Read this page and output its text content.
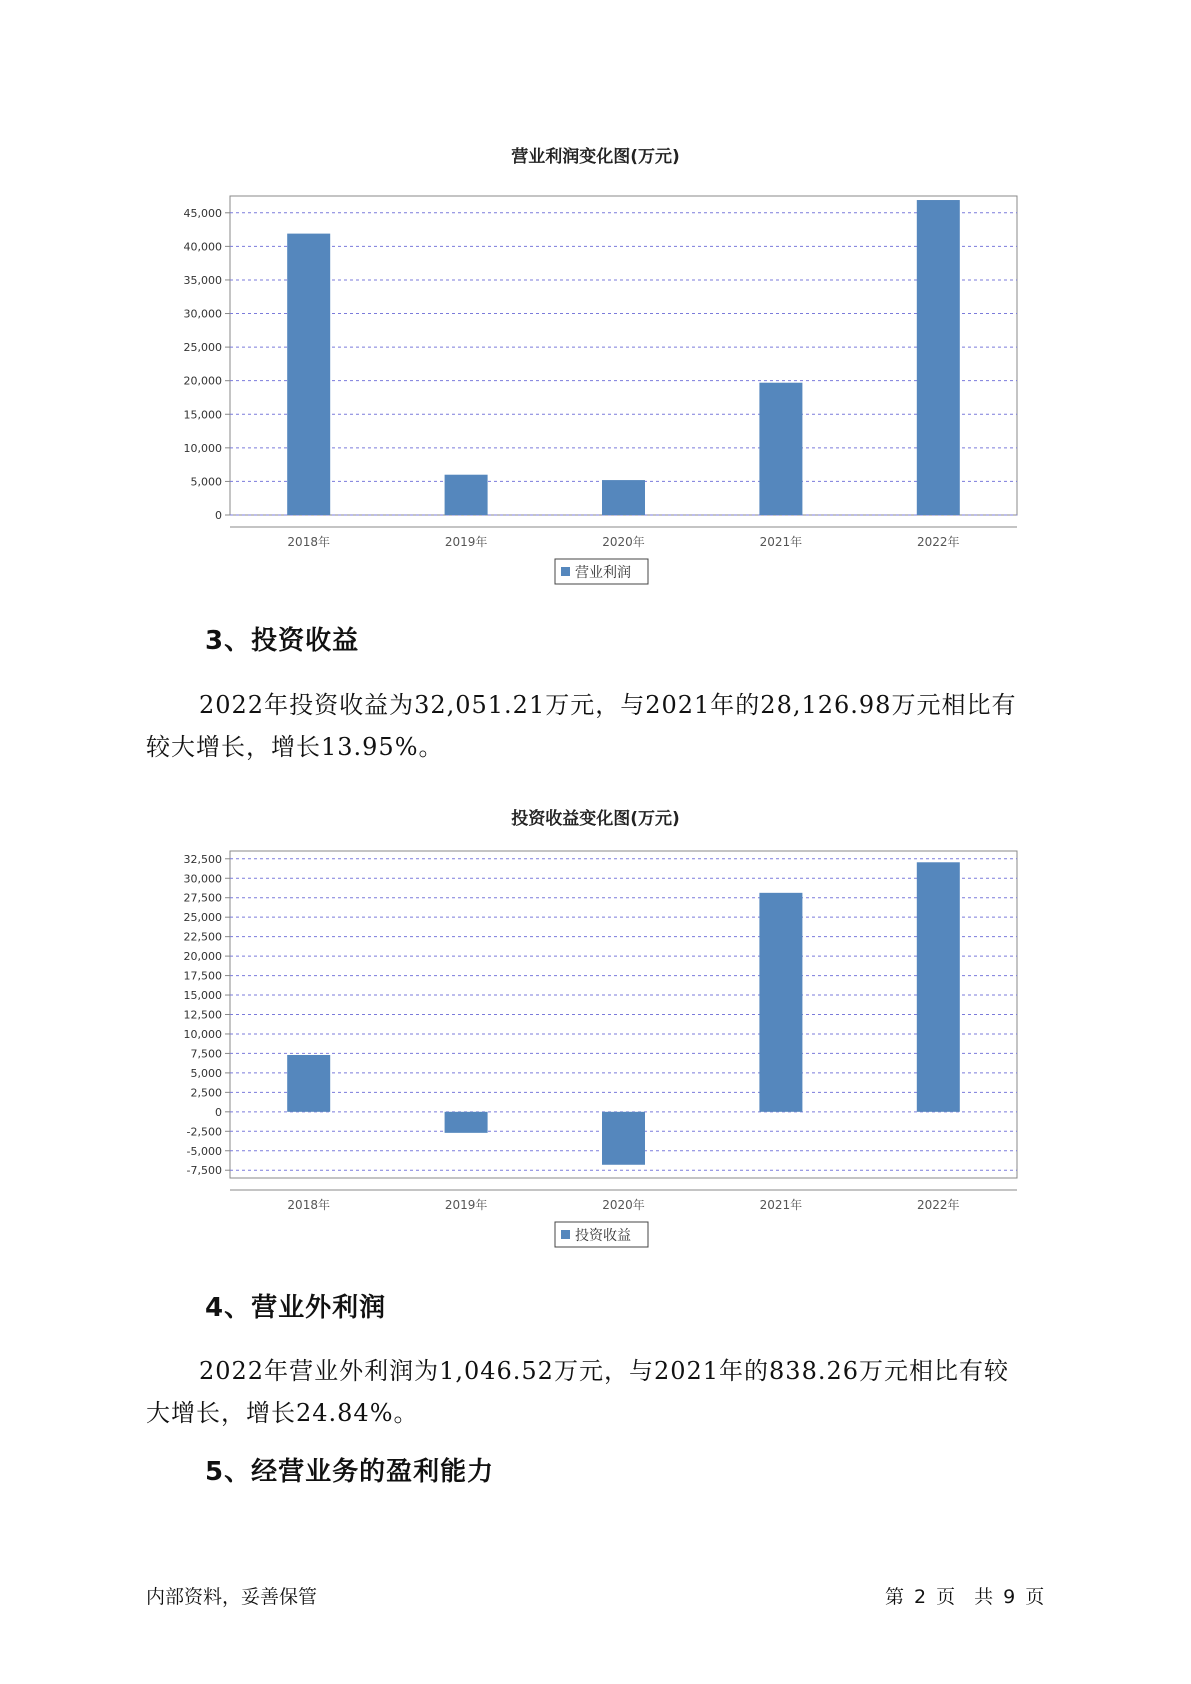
营业利润变化图(万元)
0
5,000
10,000
15,000
20,000
25,000
30,000
35,000
40,000
45,000
2018年	2019年	2020年	2021年	2022年
营业利润
3、投资收益
2022年投资收益为32,051.21万元，与2021年的28,126.98万元相比有
较大增长，增长13.95%。
投资收益变化图(万元)
-7,500
-5,000
-2,500
0
2,500
5,000
7,500
10,000
12,500
15,000
17,500
20,000
22,500
25,000
27,500
30,000
32,500
2018年	2019年	2020年	2021年	2022年
投资收益
4、营业外利润
2022年营业外利润为1,046.52万元，与2021年的838.26万元相比有较
大增长，增长24.84%。
5、经营业务的盈利能力
内部资料，妥善保管	第 2 页　共 9 页
